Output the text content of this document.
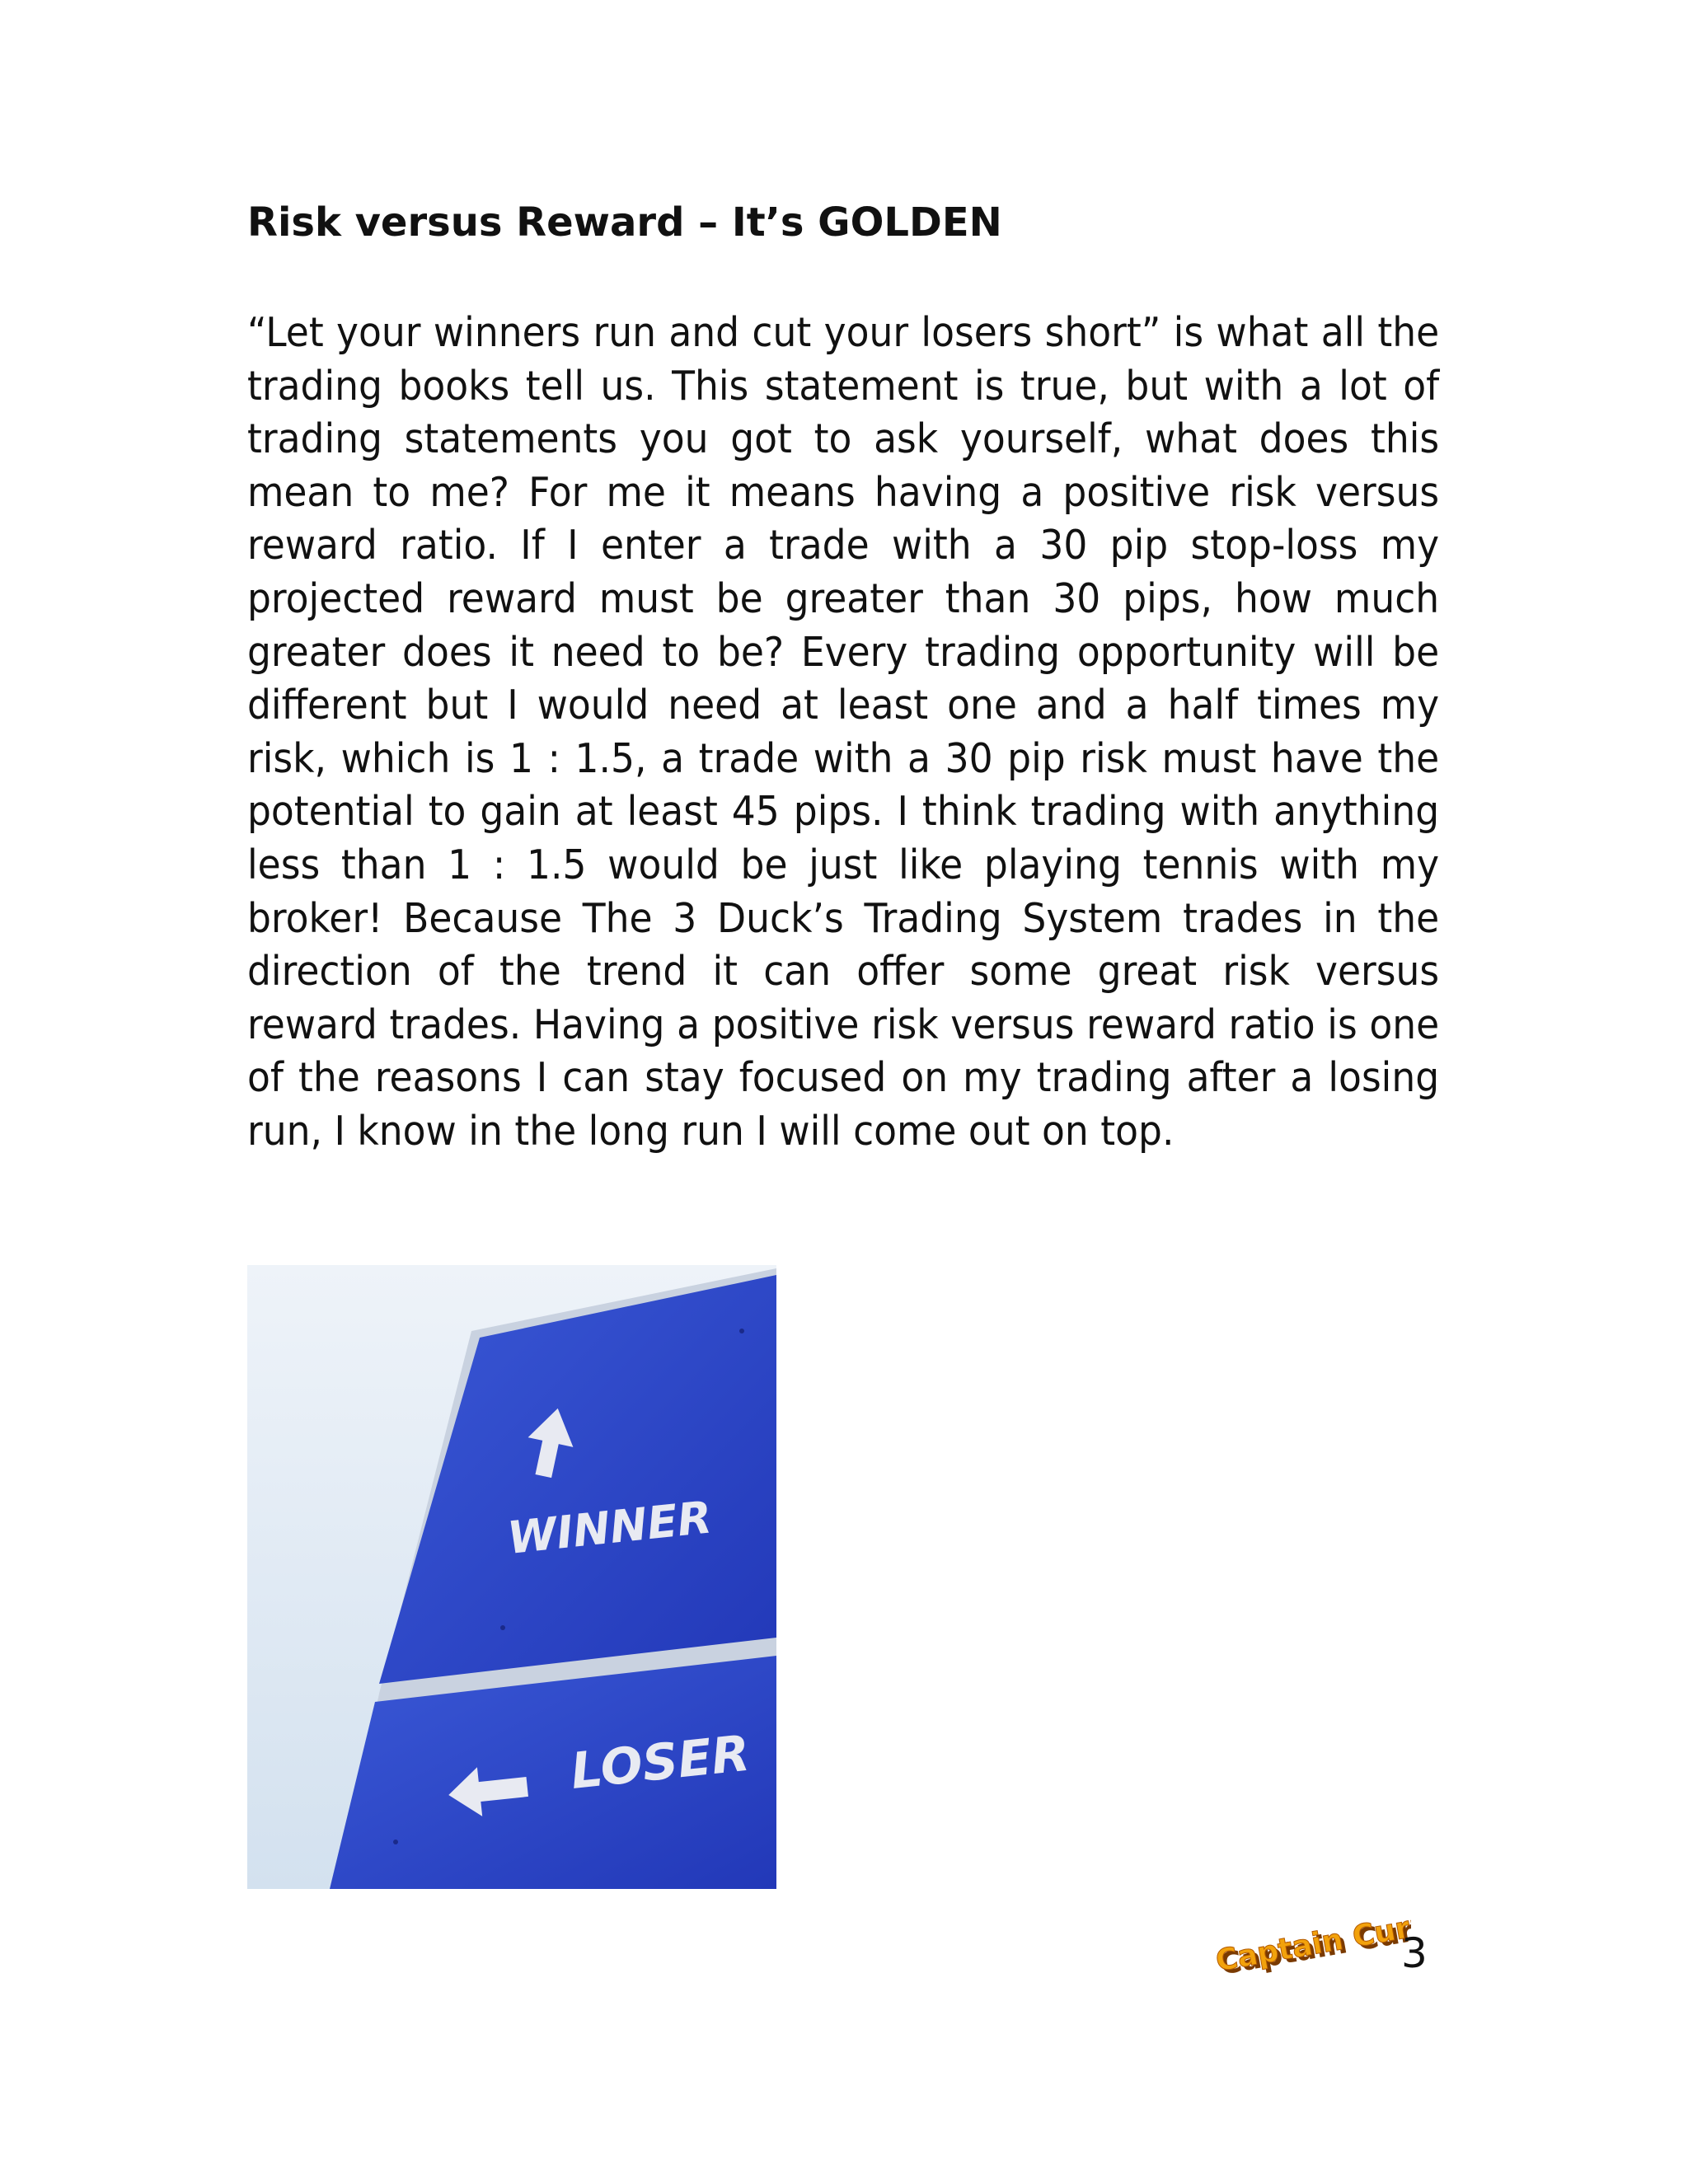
Risk versus Reward – It’s GOLDEN

“Let your winners run and cut your losers short” is what all the trading books tell us. This statement is true, but with a lot of trading statements you got to ask yourself, what does this mean to me? For me it means having a positive risk versus reward ratio. If I enter a trade with a 30 pip stop-loss my projected reward must be greater than 30 pips, how much greater does it need to be? Every trading opportunity will be different but I would need at least one and a half times my risk, which is 1 : 1.5, a trade with a 30 pip risk must have the potential to gain at least 45 pips. I think trading with anything less than 1 : 1.5 would be just like playing tennis with my broker! Because The 3 Duck’s Trading System trades in the direction of the trend it can offer some great risk versus reward trades. Having a positive risk versus reward ratio is one of the reasons I can stay focused on my trading after a losing run, I know in the long run I will come out on top.

WINNER
LOSER
Captain Currency
Captain Currency
3
